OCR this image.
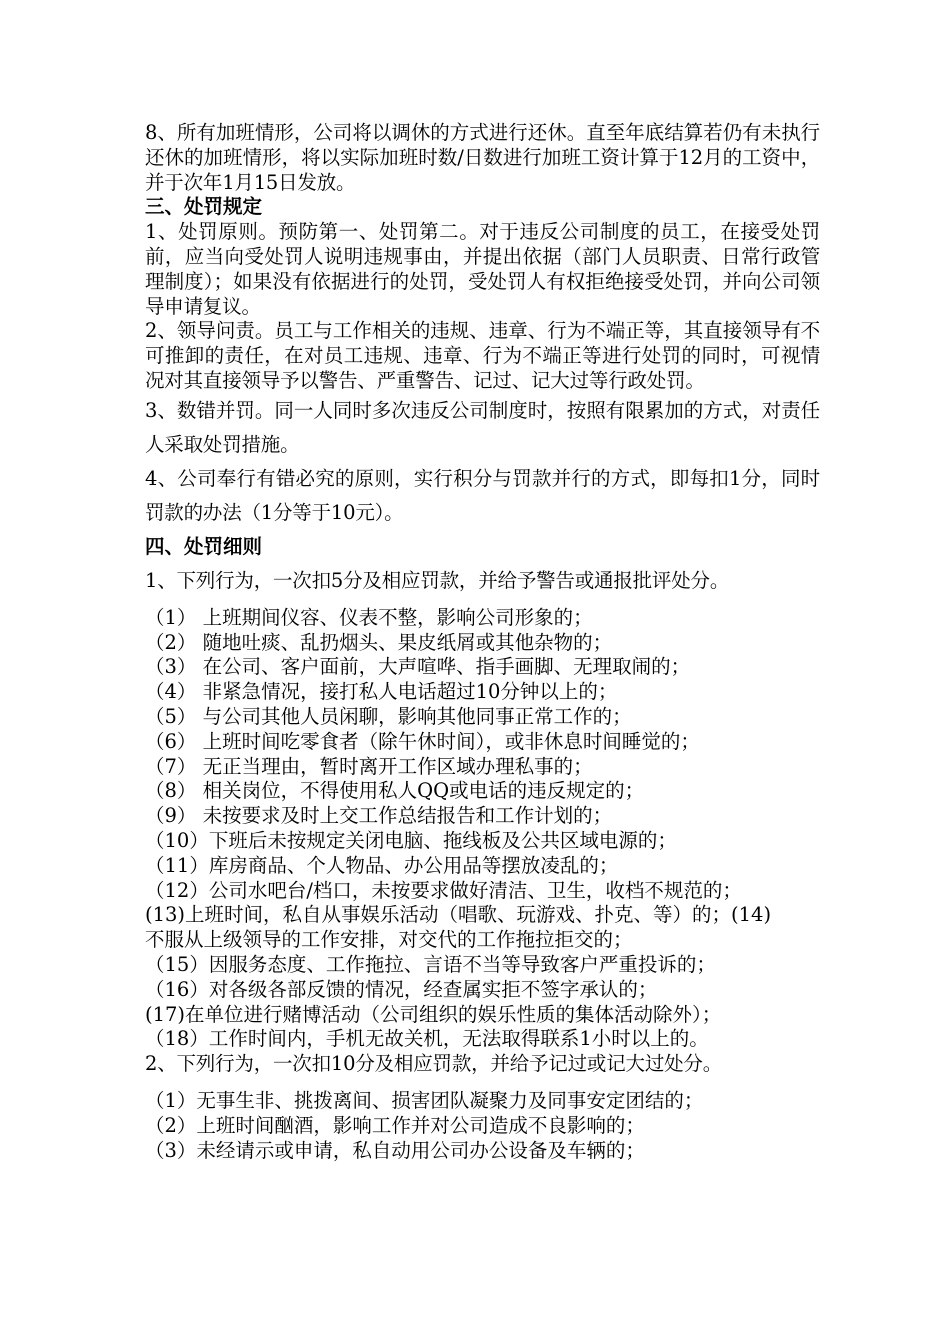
8、所有加班情形，公司将以调休的方式进行还休。直至年底结算若仍有未执行还休的加班情形，将以实际加班时数/日数进行加班工资计算于12月的工资中，并于次年1月15日发放。

三、处罚规定

1、处罚原则。预防第一、处罚第二。对于违反公司制度的员工，在接受处罚前，应当向受处罚人说明违规事由，并提出依据（部门人员职责、日常行政管理制度）；如果没有依据进行的处罚，受处罚人有权拒绝接受处罚，并向公司领导申请复议。

2、领导问责。员工与工作相关的违规、违章、行为不端正等，其直接领导有不可推卸的责任，在对员工违规、违章、行为不端正等进行处罚的同时，可视情况对其直接领导予以警告、严重警告、记过、记大过等行政处罚。

3、数错并罚。同一人同时多次违反公司制度时，按照有限累加的方式，对责任人采取处罚措施。

4、公司奉行有错必究的原则，实行积分与罚款并行的方式，即每扣1分，同时罚款的办法（1分等于10元）。

四、处罚细则

1、下列行为，一次扣5分及相应罚款，并给予警告或通报批评处分。

（1） 上班期间仪容、仪表不整，影响公司形象的；
（2） 随地吐痰、乱扔烟头、果皮纸屑或其他杂物的；
（3） 在公司、客户面前，大声喧哗、指手画脚、无理取闹的；
（4） 非紧急情况，接打私人电话超过10分钟以上的；
（5） 与公司其他人员闲聊，影响其他同事正常工作的；
（6） 上班时间吃零食者（除午休时间），或非休息时间睡觉的；
（7） 无正当理由，暂时离开工作区域办理私事的；
（8） 相关岗位，不得使用私人QQ或电话的违反规定的；
（9） 未按要求及时上交工作总结报告和工作计划的；
（10）下班后未按规定关闭电脑、拖线板及公共区域电源的；
（11）库房商品、个人物品、办公用品等摆放凌乱的；
（12）公司水吧台/档口，未按要求做好清洁、卫生，收档不规范的；
(13)上班时间，私自从事娱乐活动（唱歌、玩游戏、扑克、等）的；(14)
不服从上级领导的工作安排，对交代的工作拖拉拒交的；
（15）因服务态度、工作拖拉、言语不当等导致客户严重投诉的；
（16）对各级各部反馈的情况，经查属实拒不签字承认的；
(17)在单位进行赌博活动（公司组织的娱乐性质的集体活动除外）；
（18）工作时间内，手机无故关机，无法取得联系1小时以上的。

2、下列行为，一次扣10分及相应罚款，并给予记过或记大过处分。

（1）无事生非、挑拨离间、损害团队凝聚力及同事安定团结的；
（2）上班时间酗酒，影响工作并对公司造成不良影响的；
（3）未经请示或申请，私自动用公司办公设备及车辆的；
